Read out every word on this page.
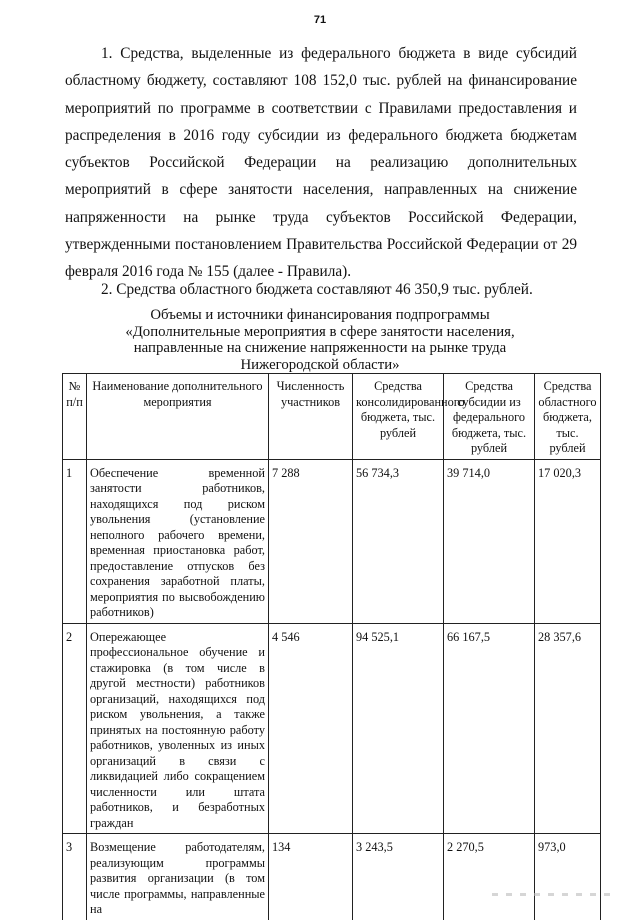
71

1. Средства, выделенные из федерального бюджета в виде субсидий областному бюджету, составляют 108 152,0 тыс. рублей на финансирование мероприятий по программе в соответствии с Правилами предоставления и распределения в 2016 году субсидии из федерального бюджета бюджетам субъектов Российской Федерации на реализацию дополнительных мероприятий в сфере занятости населения, направленных на снижение напряженности на рынке труда субъектов Российской Федерации, утвержденными постановлением Правительства Российской Федерации от 29 февраля 2016 года № 155 (далее - Правила).

2. Средства областного бюджета составляют 46 350,9 тыс. рублей.

Объемы и источники финансирования подпрограммы
«Дополнительные мероприятия в сфере занятости населения,
направленные на снижение напряженности на рынке труда
Нижегородской области»
№ п/п	Наименование дополнительного мероприятия	Численность участников	Средства консолидированного бюджета, тыс. рублей	Средства субсидии из федерального бюджета, тыс. рублей	Средства областного бюджета, тыс. рублей
1	Обеспечение временной занятости работников, находящихся под риском увольнения (установление неполного рабочего времени, временная приостановка работ, предоставление отпусков без сохранения заработной платы, мероприятия по высвобождению работников)	7 288	56 734,3	39 714,0	17 020,3
2	Опережающее профессиональное обучение и стажировка (в том числе в другой местности) работников организаций, находящихся под риском увольнения, а также принятых на постоянную работу работников, уволенных из иных организаций в связи с ликвидацией либо сокращением численности или штата работников, и безработных граждан	4 546	94 525,1	66 167,5	28 357,6
3	Возмещение работодателям, реализующим программы развития организации (в том числе программы, направленные на	134	3 243,5	2 270,5	973,0
